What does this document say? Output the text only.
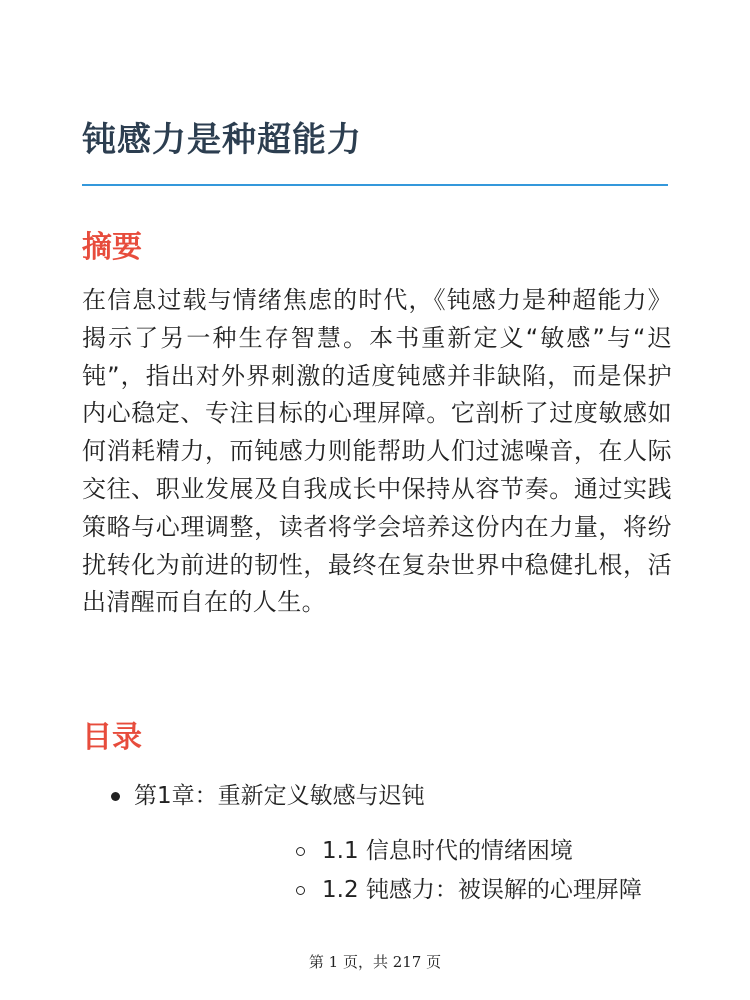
钝感力是种超能力
摘要

在信息过载与情绪焦虑的时代，《钝感力是种超能力》揭示了另一种生存智慧。本书重新定义“敏感”与“迟钝”，指出对外界刺激的适度钝感并非缺陷，而是保护内心稳定、专注目标的心理屏障。它剖析了过度敏感如何消耗精力，而钝感力则能帮助人们过滤噪音，在人际交往、职业发展及自我成长中保持从容节奏。通过实践策略与心理调整，读者将学会培养这份内在力量，将纷扰转化为前进的韧性，最终在复杂世界中稳健扎根，活出清醒而自在的人生。

目录
第1章：重新定义敏感与迟钝
1.1 信息时代的情绪困境
1.2 钝感力：被误解的心理屏障
第 1 页，共 217 页
